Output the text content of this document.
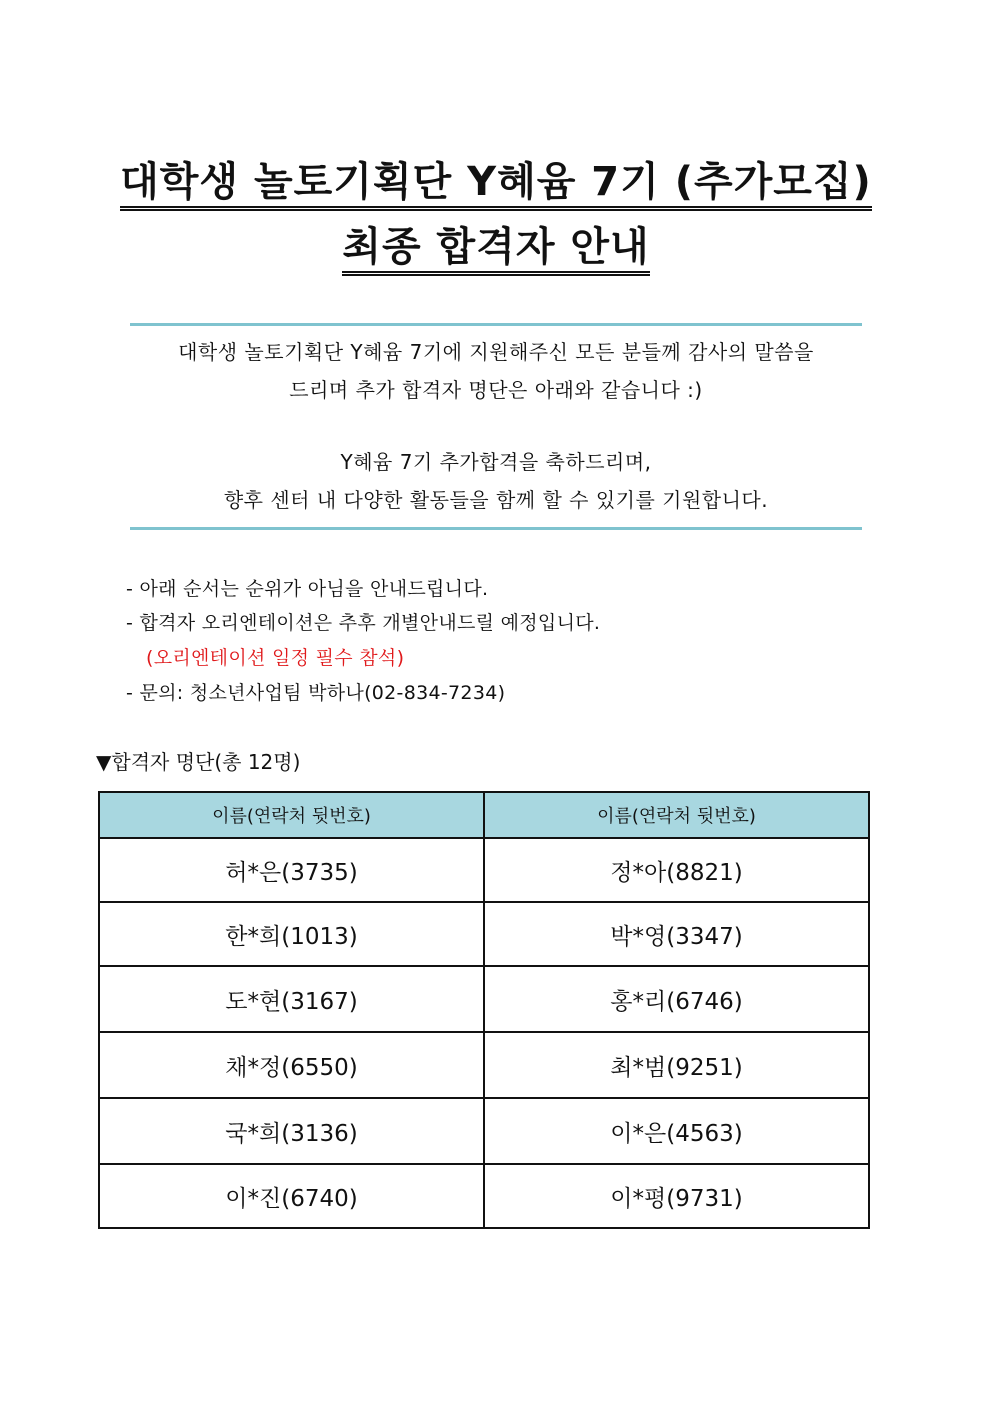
대학생 놀토기획단 Y혜윰 7기 (추가모집)
최종 합격자 안내
대학생 놀토기획단 Y혜윰 7기에 지원해주신 모든 분들께 감사의 말씀을
드리며 추가 합격자 명단은 아래와 같습니다 :)
Y혜윰 7기 추가합격을 축하드리며,
향후 센터 내 다양한 활동들을 함께 할 수 있기를 기원합니다.
- 아래 순서는 순위가 아님을 안내드립니다.
- 합격자 오리엔테이션은 추후 개별안내드릴 예정입니다.
(오리엔테이션 일정 필수 참석)
- 문의: 청소년사업팀 박하나(02-834-7234)
▼합격자 명단(총 12명)
이름(연락처 뒷번호)	이름(연락처 뒷번호)
허*은(3735)	정*아(8821)
한*희(1013)	박*영(3347)
도*현(3167)	홍*리(6746)
채*정(6550)	최*범(9251)
국*희(3136)	이*은(4563)
이*진(6740)	이*평(9731)
